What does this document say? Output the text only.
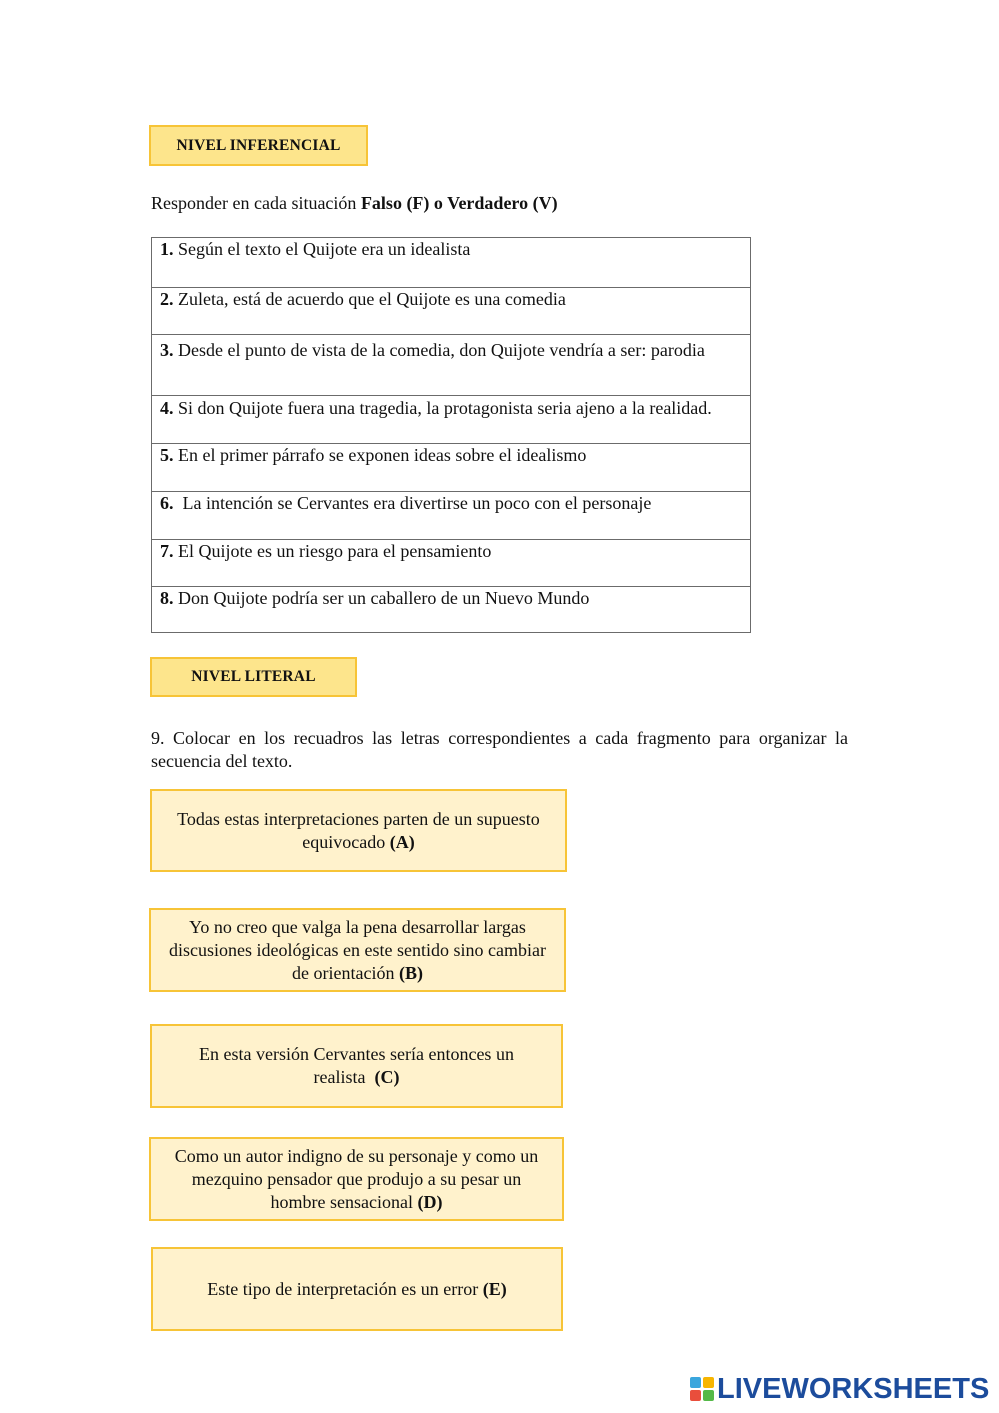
NIVEL INFERENCIAL
Responder en cada situación Falso (F) o Verdadero (V)
1. Según el texto el Quijote era un idealista
2. Zuleta, está de acuerdo que el Quijote es una comedia
3. Desde el punto de vista de la comedia, don Quijote vendría a ser: parodia
4. Si don Quijote fuera una tragedia, la protagonista seria ajeno a la realidad.
5. En el primer párrafo se exponen ideas sobre el idealismo
6.  La intención se Cervantes era divertirse un poco con el personaje
7. El Quijote es un riesgo para el pensamiento
8. Don Quijote podría ser un caballero de un Nuevo Mundo
NIVEL LITERAL
9. Colocar en los recuadros las letras correspondientes a cada fragmento para organizar la secuencia del texto.
Todas estas interpretaciones parten de un supuesto equivocado (A)
Yo no creo que valga la pena desarrollar largas discusiones ideológicas en este sentido sino cambiar de orientación (B)
En esta versión Cervantes sería entonces un realista  (C)
Como un autor indigno de su personaje y como un mezquino pensador que produjo a su pesar un hombre sensacional (D)
Este tipo de interpretación es un error (E)
LIVEWORKSHEETS
